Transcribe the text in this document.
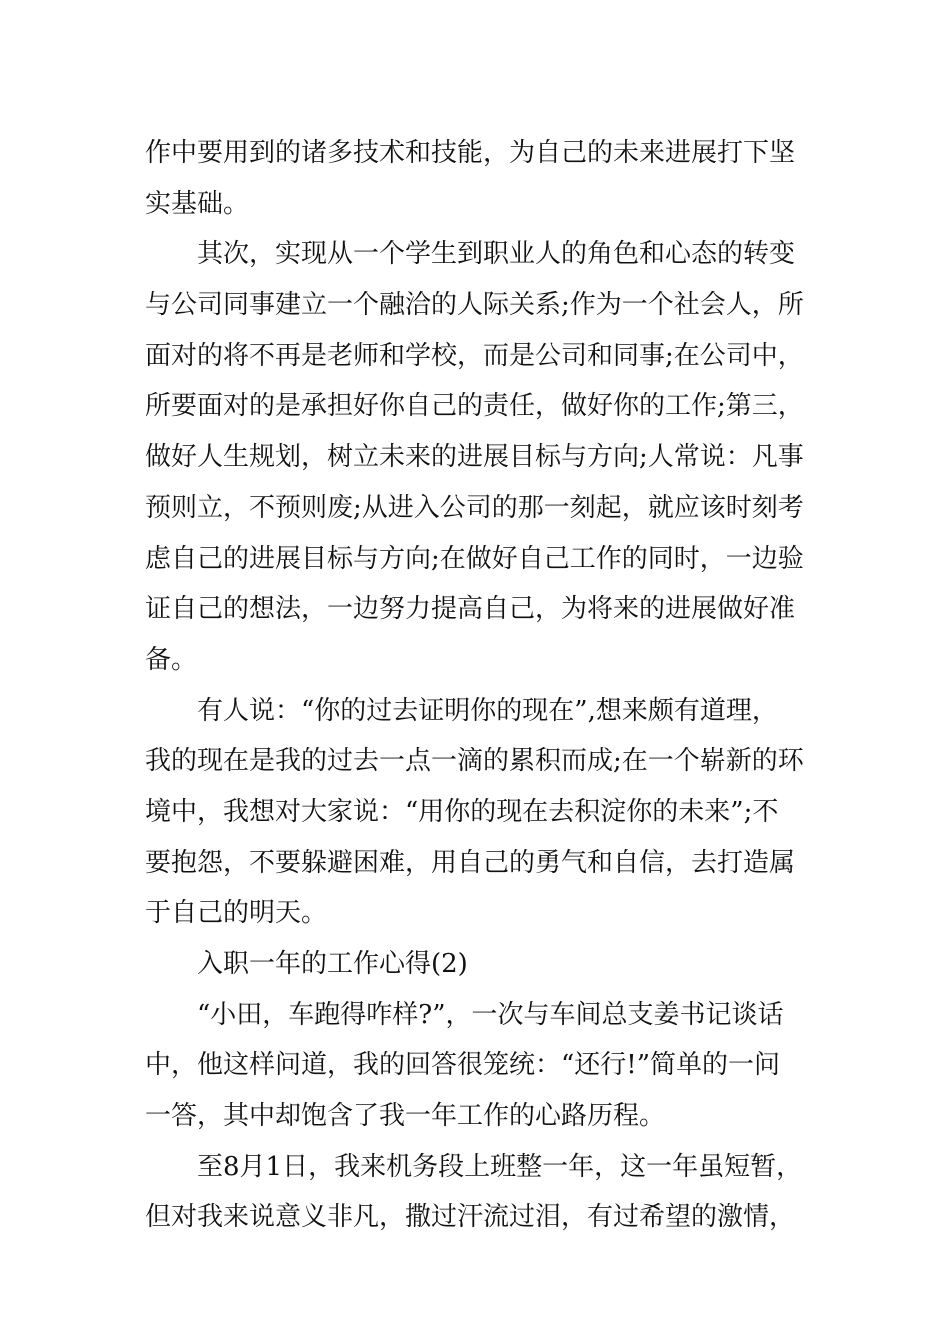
作中要用到的诸多技术和技能，为自己的未来进展打下坚
实基础。
其次，实现从一个学生到职业人的角色和心态的转变
与公司同事建立一个融洽的人际关系;作为一个社会人，所
面对的将不再是老师和学校，而是公司和同事;在公司中，
所要面对的是承担好你自己的责任，做好你的工作;第三，
做好人生规划，树立未来的进展目标与方向;人常说：凡事
预则立，不预则废;从进入公司的那一刻起，就应该时刻考
虑自己的进展目标与方向;在做好自己工作的同时，一边验
证自己的想法，一边努力提高自己，为将来的进展做好准
备。
有人说：“你的过去证明你的现在”,想来颇有道理，
我的现在是我的过去一点一滴的累积而成;在一个崭新的环
境中，我想对大家说：“用你的现在去积淀你的未来”;不
要抱怨，不要躲避困难，用自己的勇气和自信，去打造属
于自己的明天。
入职一年的工作心得(2)
“小田，车跑得咋样?”，一次与车间总支姜书记谈话
中，他这样问道，我的回答很笼统：“还行!”简单的一问
一答，其中却饱含了我一年工作的心路历程。
至8月1日，我来机务段上班整一年，这一年虽短暂，
但对我来说意义非凡，撒过汗流过泪，有过希望的激情，
